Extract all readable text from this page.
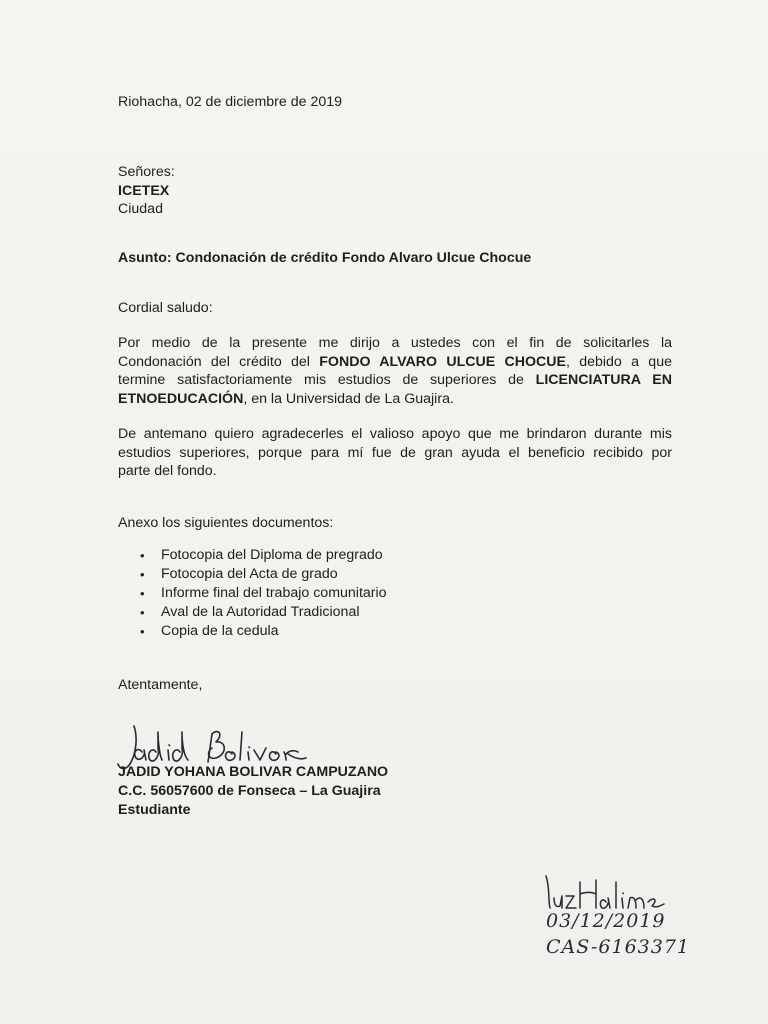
Riohacha, 02 de diciembre de 2019
Señores:
ICETEX
Ciudad
Asunto: Condonación de crédito Fondo Alvaro Ulcue Chocue
Cordial saludo:
Por medio de la presente me dirijo a ustedes con el fin de solicitarles la
Condonación del crédito del FONDO ALVARO ULCUE CHOCUE, debido a que
termine satisfactoriamente mis estudios de superiores de LICENCIATURA EN
ETNOEDUCACIÓN, en la Universidad de La Guajira.
De antemano quiero agradecerles el valioso apoyo que me brindaron durante mis
estudios superiores, porque para mí fue de gran ayuda el beneficio recibido por
parte del fondo.
Anexo los siguientes documentos:
• Fotocopia del Diploma de pregrado
• Fotocopia del Acta de grado
• Informe final del trabajo comunitario
• Aval de la Autoridad Tradicional
• Copia de la cedula
Atentamente,
JADID YOHANA BOLIVAR CAMPUZANO
C.C. 56057600 de Fonseca – La Guajira
Estudiante
03/12/2019
CAS-6163371
